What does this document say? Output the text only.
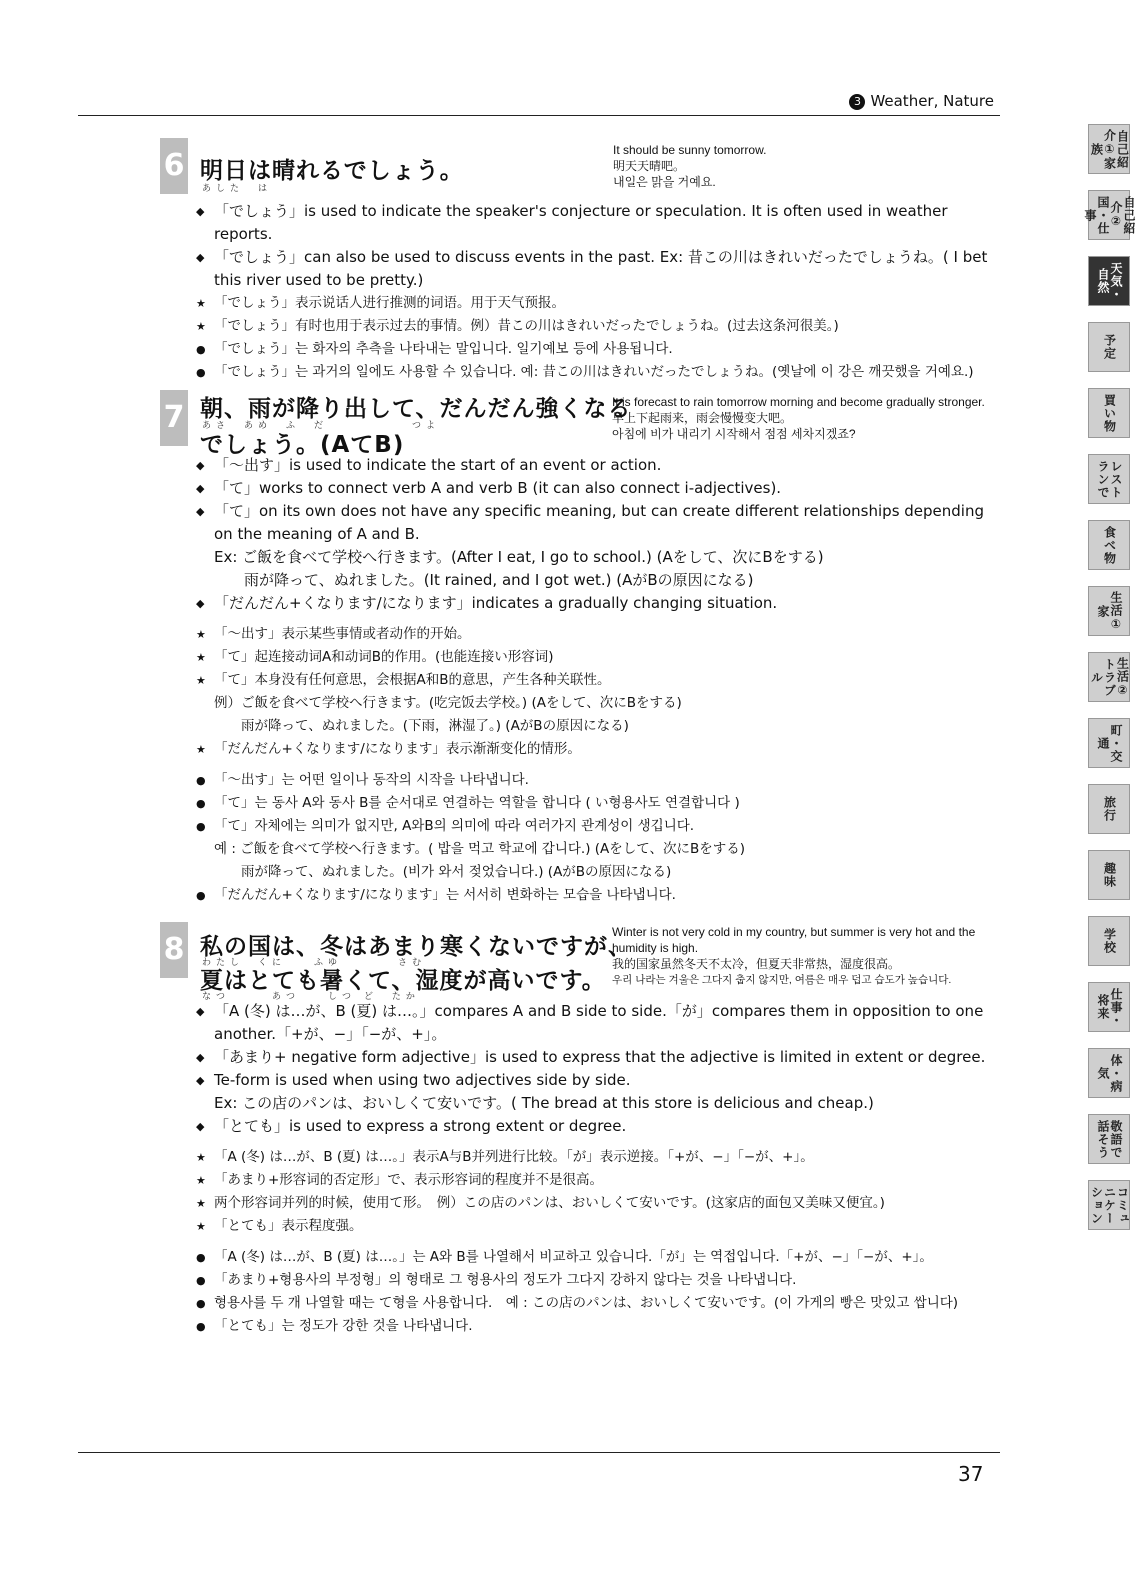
3 Weather, Nature
自己紹介①家族
自己紹介②国・仕事
天気・自然
予定
買い物
レストランで
食べ物
生活①家
生活②トラブル
町・交通
旅行
趣味
学校
仕事・将来
体・病気
敬語で話そう
コミュニケーション
6 明日は晴れるでしょう。
あした　は
It should be sunny tomorrow.
明天天晴吧。
내일은 맑을 거예요.
◆ 「でしょう」is used to indicate the speaker's conjecture or speculation. It is often used in weather reports.
◆ 「でしょう」can also be used to discuss events in the past. Ex: 昔この川はきれいだったでしょうね。( I bet this river used to be pretty.)
★ 「でしょう」表示说话人进行推测的词语。用于天气预报。
★ 「でしょう」有时也用于表示过去的事情。例）昔この川はきれいだったでしょうね。(过去这条河很美。)
● 「でしょう」는 화자의 추측을 나타내는 말입니다. 일기예보 등에 사용됩니다.
● 「でしょう」는 과거의 일에도 사용할 수 있습니다. 예: 昔この川はきれいだったでしょうね。(옛날에 이 강은 깨끗했을 거예요.)
7 朝、雨が降り出して、だんだん強くなる
あさ　あめ　ふ　だ　　　　　　つよ
でしょう。(AてB)
It is forecast to rain tomorrow morning and become gradually stronger.
早上下起雨来，雨会慢慢变大吧。
아침에 비가 내리기 시작해서 점점 세차지겠죠?
◆ 「〜出す」is used to indicate the start of an event or action.
◆ 「て」works to connect verb A and verb B (it can also connect i-adjectives).
◆ 「て」on its own does not have any specific meaning, but can create different relationships depending on the meaning of A and B.
Ex: ご飯を食べて学校へ行きます。(After I eat, I go to school.) (Aをして、次にBをする)
　　雨が降って、ぬれました。(It rained, and I got wet.) (AがBの原因になる)
◆ 「だんだん+くなります/になります」indicates a gradually changing situation.
★ 「〜出す」表示某些事情或者动作的开始。
★ 「て」起连接动词A和动词B的作用。(也能连接い形容词)
★ 「て」本身没有任何意思，会根据A和B的意思，产生各种关联性。
例）ご飯を食べて学校へ行きます。(吃完饭去学校。) (Aをして、次にBをする)
　　雨が降って、ぬれました。(下雨，淋湿了。) (AがBの原因になる)
★ 「だんだん+くなります/になります」表示渐渐变化的情形。
● 「〜出す」는 어떤 일이나 동작의 시작을 나타냅니다.
● 「て」는 동사 A와 동사 B를 순서대로 연결하는 역할을 합니다 ( い형용사도 연결합니다 )
● 「て」자체에는 의미가 없지만, A와B의 의미에 따라 여러가지 관계성이 생깁니다.
예 : ご飯を食べて学校へ行きます。( 밥을 먹고 학교에 갑니다.) (Aをして、次にBをする)
　　雨が降って、ぬれました。(비가 와서 젖었습니다.) (AがBの原因になる)
● 「だんだん+くなります/になります」는 서서히 변화하는 모습을 나타냅니다.
8 私の国は、冬はあまり寒くないですが、
わたし　くに　　ふゆ　　　　さむ
夏はとても暑くて、湿度が高いです。
なつ　　　あつ　　しつ ど　たか
Winter is not very cold in my country, but summer is very hot and the humidity is high.
我的国家虽然冬天不太冷，但夏天非常热，湿度很高。
우리 나라는 겨울은 그다지 춥지 않지만, 여름은 매우 덥고 습도가 높습니다.
◆ 「A (冬) は…が、B (夏) は…。」compares A and B side to side.「が」compares them in opposition to one another.「+が、−」「−が、+」。
◆ 「あまり+ negative form adjective」is used to express that the adjective is limited in extent or degree.
◆ Te-form is used when using two adjectives side by side.
Ex: この店のパンは、おいしくて安いです。( The bread at this store is delicious and cheap.)
◆ 「とても」is used to express a strong extent or degree.
★ 「A (冬) は…が、B (夏) は…。」表示A与B并列进行比较。「が」表示逆接。「+が、−」「−が、+」。
★ 「あまり+形容词的否定形」で、表示形容词的程度并不是很高。
★ 两个形容词并列的时候，使用て形。　例）この店のパンは、おいしくて安いです。(这家店的面包又美味又便宜。)
★ 「とても」表示程度强。
● 「A (冬) は…が、B (夏) は…。」는 A와 B를 나열해서 비교하고 있습니다.「が」는 역접입니다.「+が、−」「−が、+」。
● 「あまり+형용사의 부정형」의 형태로 그 형용사의 정도가 그다지 강하지 않다는 것을 나타냅니다.
● 형용사를 두 개 나열할 때는 て형을 사용합니다.　예 : この店のパンは、おいしくて安いです。(이 가게의 빵은 맛있고 쌉니다)
● 「とても」는 정도가 강한 것을 나타냅니다.
37
